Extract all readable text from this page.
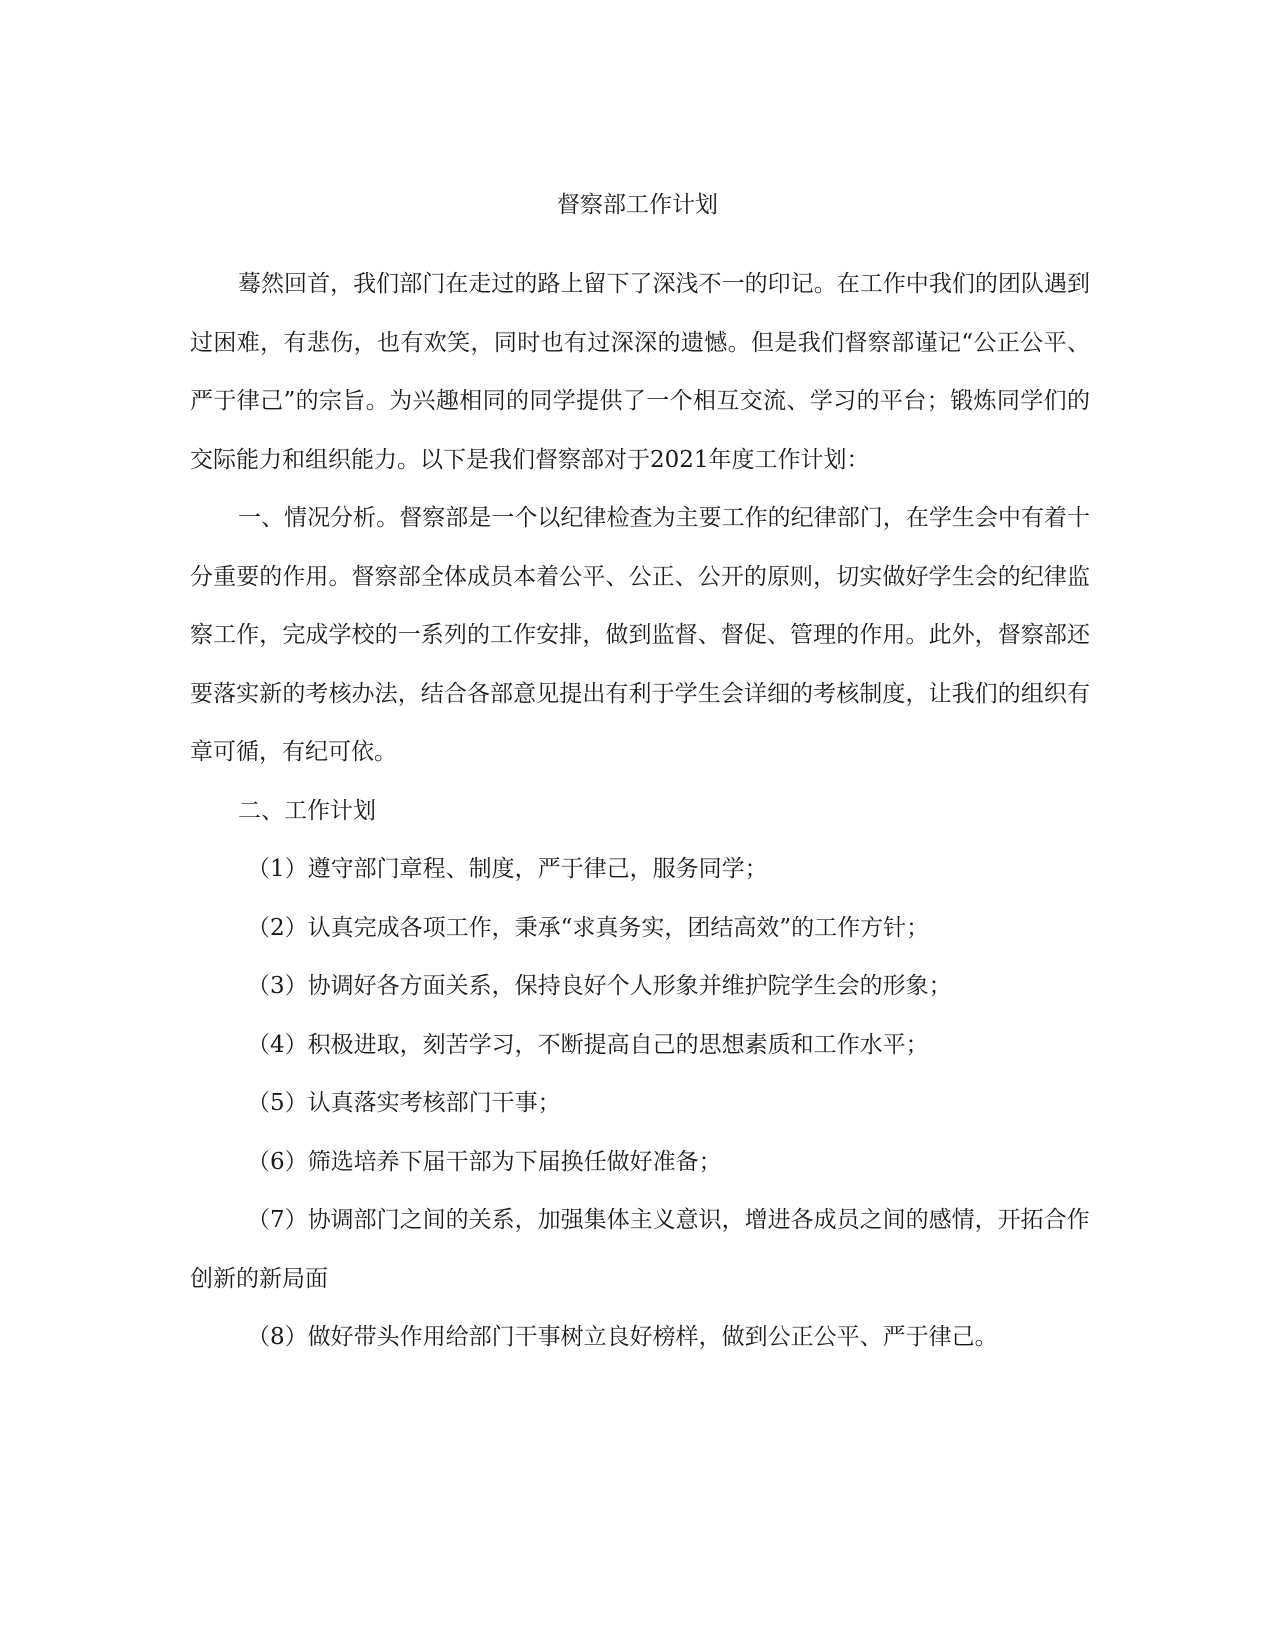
督察部工作计划

蓦然回首，我们部门在走过的路上留下了深浅不一的印记。在工作中我们的团队遇到过困难，有悲伤，也有欢笑，同时也有过深深的遗憾。但是我们督察部谨记“公正公平、严于律己”的宗旨。为兴趣相同的同学提供了一个相互交流、学习的平台；锻炼同学们的交际能力和组织能力。以下是我们督察部对于2021年度工作计划：

一、情况分析。督察部是一个以纪律检查为主要工作的纪律部门，在学生会中有着十分重要的作用。督察部全体成员本着公平、公正、公开的原则，切实做好学生会的纪律监察工作，完成学校的一系列的工作安排，做到监督、督促、管理的作用。此外，督察部还要落实新的考核办法，结合各部意见提出有利于学生会详细的考核制度，让我们的组织有章可循，有纪可依。

二、工作计划

（1）遵守部门章程、制度，严于律己，服务同学；

（2）认真完成各项工作，秉承“求真务实，团结高效”的工作方针；

（3）协调好各方面关系，保持良好个人形象并维护院学生会的形象；

（4）积极进取，刻苦学习，不断提高自己的思想素质和工作水平；

（5）认真落实考核部门干事；

（6）筛选培养下届干部为下届换任做好准备；

（7）协调部门之间的关系，加强集体主义意识，增进各成员之间的感情，开拓合作创新的新局面

（8）做好带头作用给部门干事树立良好榜样，做到公正公平、严于律己。
